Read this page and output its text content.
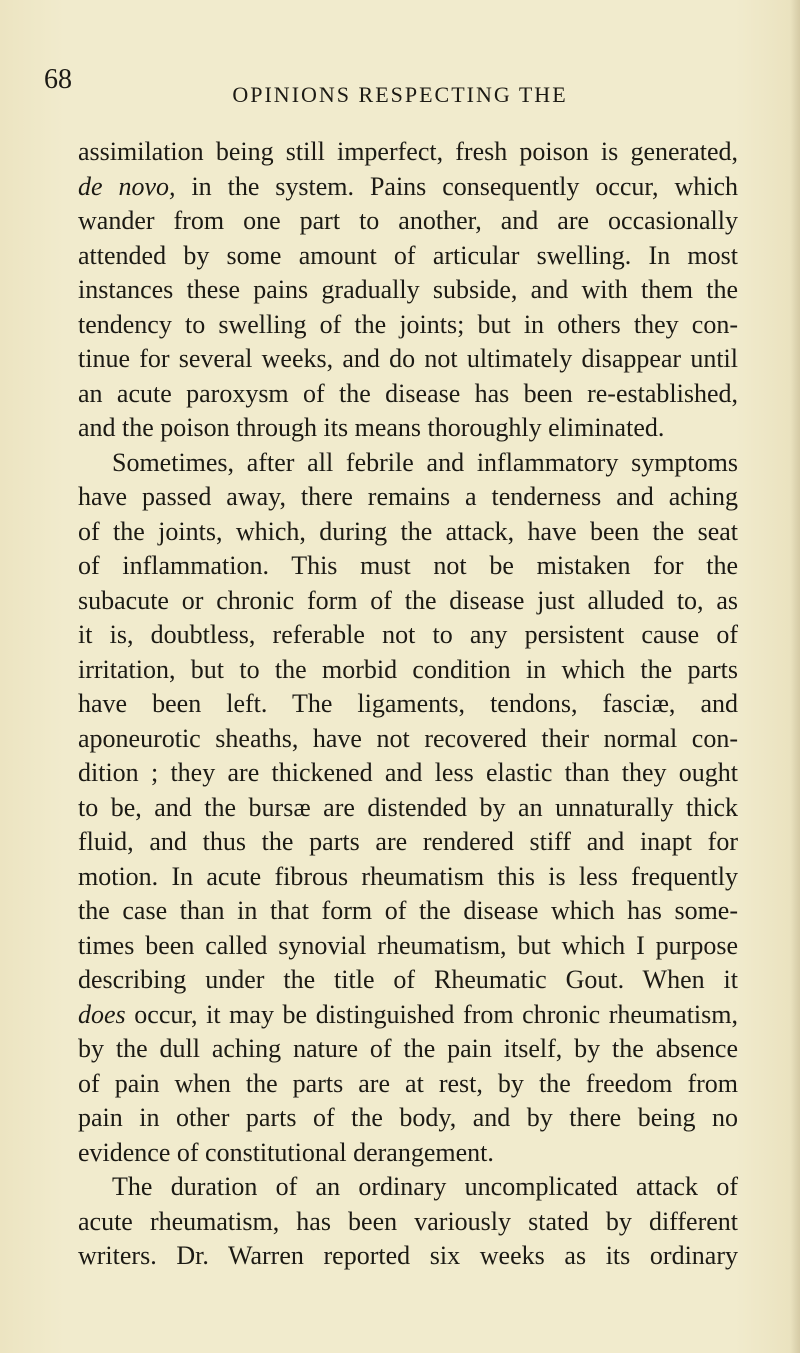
68	OPINIONS RESPECTING THE
assimilation being still imperfect, fresh poison is generated,
de novo, in the system. Pains consequently occur, which
wander from one part to another, and are occasionally
attended by some amount of articular swelling. In most
instances these pains gradually subside, and with them the
tendency to swelling of the joints; but in others they con-
tinue for several weeks, and do not ultimately disappear until
an acute paroxysm of the disease has been re-established,
and the poison through its means thoroughly eliminated.
Sometimes, after all febrile and inflammatory symptoms
have passed away, there remains a tenderness and aching
of the joints, which, during the attack, have been the seat
of inflammation. This must not be mistaken for the
subacute or chronic form of the disease just alluded to, as
it is, doubtless, referable not to any persistent cause of
irritation, but to the morbid condition in which the parts
have been left. The ligaments, tendons, fasciæ, and
aponeurotic sheaths, have not recovered their normal con-
dition ; they are thickened and less elastic than they ought
to be, and the bursæ are distended by an unnaturally thick
fluid, and thus the parts are rendered stiff and inapt for
motion. In acute fibrous rheumatism this is less frequently
the case than in that form of the disease which has some-
times been called synovial rheumatism, but which I purpose
describing under the title of Rheumatic Gout. When it
does occur, it may be distinguished from chronic rheumatism,
by the dull aching nature of the pain itself, by the absence
of pain when the parts are at rest, by the freedom from
pain in other parts of the body, and by there being no
evidence of constitutional derangement.
The duration of an ordinary uncomplicated attack of
acute rheumatism, has been variously stated by different
writers. Dr. Warren reported six weeks as its ordinary
